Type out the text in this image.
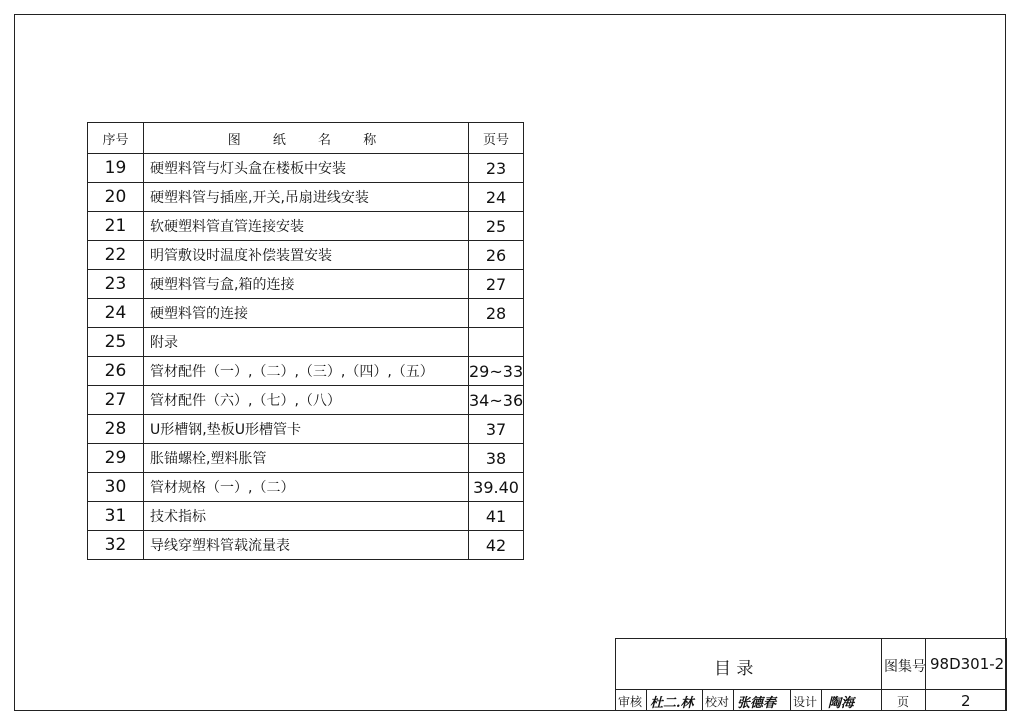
序号	图 纸 名 称	页号
19	硬塑料管与灯头盒在楼板中安装	23
20	硬塑料管与插座,开关,吊扇进线安装	24
21	软硬塑料管直管连接安装	25
22	明管敷设时温度补偿装置安装	26
23	硬塑料管与盒,箱的连接	27
24	硬塑料管的连接	28
25	附录	
26	管材配件（一）,（二）,（三）,（四）,（五）	29~33
27	管材配件（六）,（七）,（八）	34~36
28	U形槽钢,垫板U形槽管卡	37
29	胀锚螺栓,塑料胀管	38
30	管材规格（一）,（二）	39.40
31	技术指标	41
32	导线穿塑料管载流量表	42
目 录	图集号 98D301-2
审核 杜二.林 校对 张德春 设计 陶海	页	2
